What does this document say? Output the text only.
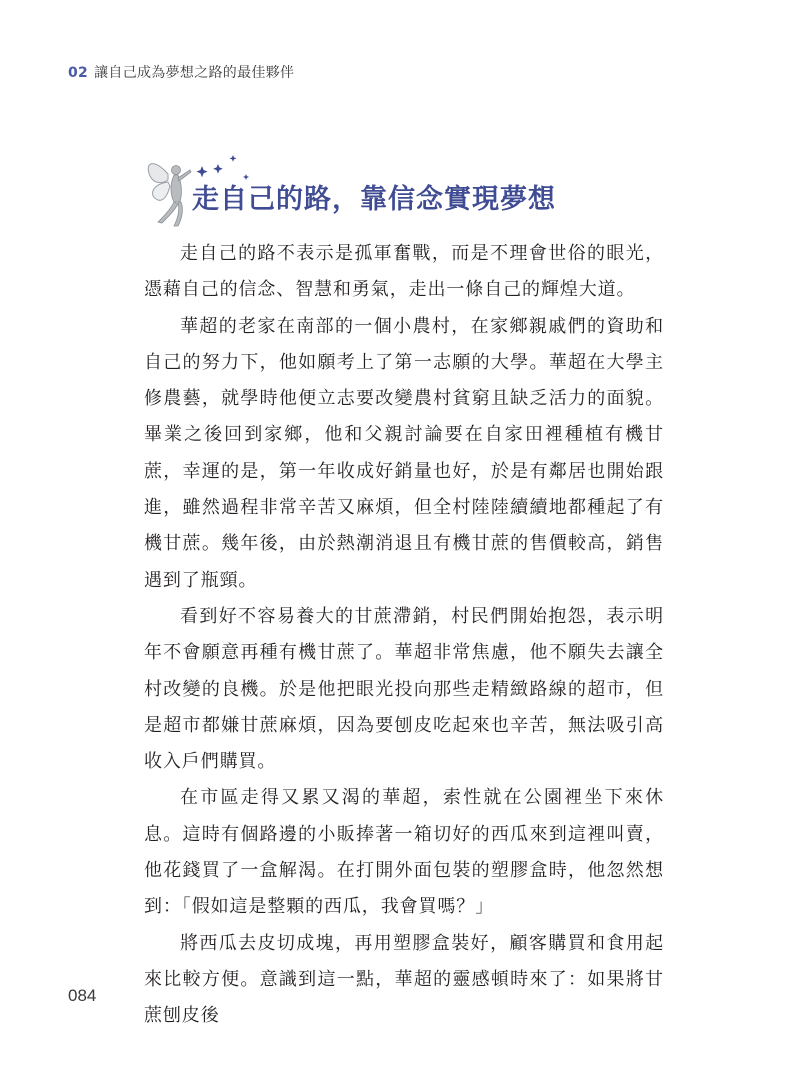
02 讓自己成為夢想之路的最佳夥伴
走自己的路，靠信念實現夢想

走自己的路不表示是孤軍奮戰，而是不理會世俗的眼光，憑藉自己的信念、智慧和勇氣，走出一條自己的輝煌大道。

華超的老家在南部的一個小農村，在家鄉親戚們的資助和自己的努力下，他如願考上了第一志願的大學。華超在大學主修農藝，就學時他便立志要改變農村貧窮且缺乏活力的面貌。畢業之後回到家鄉，他和父親討論要在自家田裡種植有機甘蔗，幸運的是，第一年收成好銷量也好，於是有鄰居也開始跟進，雖然過程非常辛苦又麻煩，但全村陸陸續續地都種起了有機甘蔗。幾年後，由於熱潮消退且有機甘蔗的售價較高，銷售遇到了瓶頸。

看到好不容易養大的甘蔗滯銷，村民們開始抱怨，表示明年不會願意再種有機甘蔗了。華超非常焦慮，他不願失去讓全村改變的良機。於是他把眼光投向那些走精緻路線的超市，但是超市都嫌甘蔗麻煩，因為要刨皮吃起來也辛苦，無法吸引高收入戶們購買。

在市區走得又累又渴的華超，索性就在公園裡坐下來休息。這時有個路邊的小販捧著一箱切好的西瓜來到這裡叫賣，他花錢買了一盒解渴。在打開外面包裝的塑膠盒時，他忽然想到：「假如這是整顆的西瓜，我會買嗎？」

將西瓜去皮切成塊，再用塑膠盒裝好，顧客購買和食用起來比較方便。意識到這一點，華超的靈感頓時來了：如果將甘蔗刨皮後

084
